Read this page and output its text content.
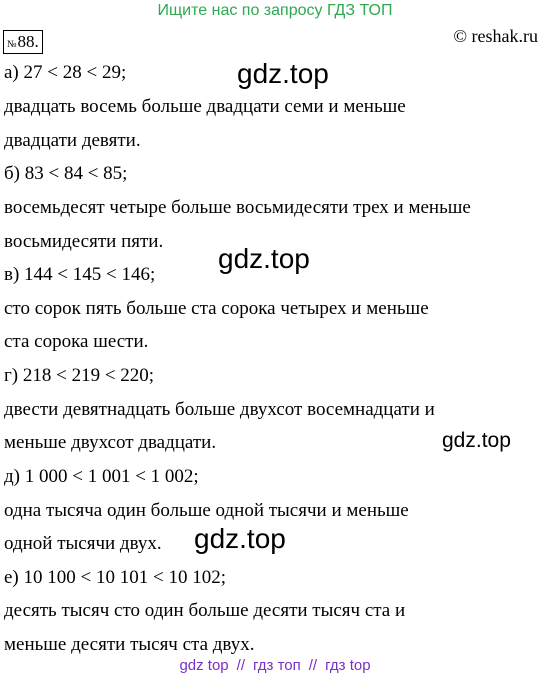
Ищите нас по запросу ГДЗ ТОП
№88.	© reshak.ru
а) 27 < 28 < 29;
двадцать восемь больше двадцати семи и меньше
двадцати девяти.
б) 83 < 84 < 85;
восемьдесят четыре больше восьмидесяти трех и меньше
восьмидесяти пяти.
в) 144 < 145 < 146;
сто сорок пять больше ста сорока четырех и меньше
ста сорока шести.
г) 218 < 219 < 220;
двести девятнадцать больше двухсот восемнадцати и
меньше двухсот двадцати.
д) 1 000 < 1 001 < 1 002;
одна тысяча один больше одной тысячи и меньше
одной тысячи двух.
е) 10 100 < 10 101 < 10 102;
десять тысяч сто один больше десяти тысяч ста и
меньше десяти тысяч ста двух.
gdz.top
gdz.top
gdz.top
gdz.top
gdz top // гдз топ // гдз top
